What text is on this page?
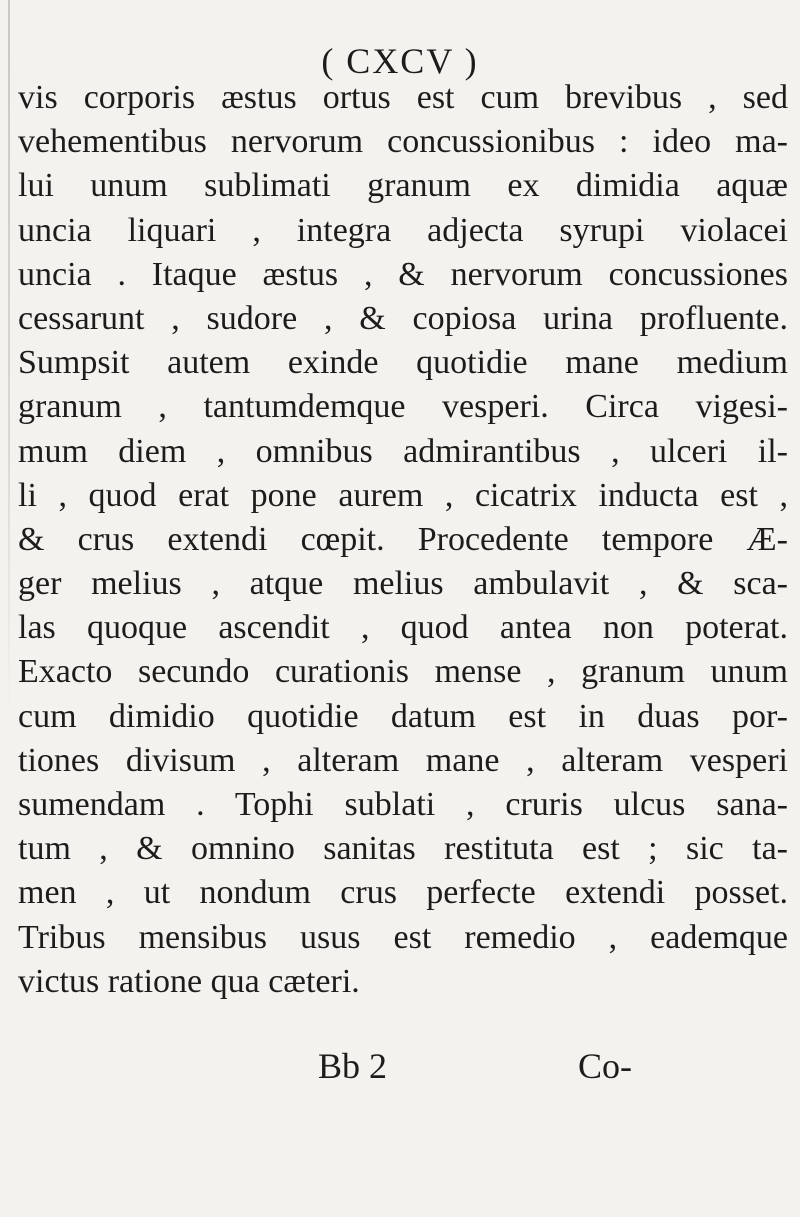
( CXCV )
vis corporis æstus ortus est cum brevibus , sed
vehementibus nervorum concussionibus : ideo ma-
lui unum sublimati granum ex dimidia aquæ
uncia liquari , integra adjecta syrupi violacei
uncia . Itaque æstus , & nervorum concussiones
cessarunt , sudore , & copiosa urina profluente.
Sumpsit autem exinde quotidie mane medium
granum , tantumdemque vesperi. Circa vigesi-
mum diem , omnibus admirantibus , ulceri il-
li , quod erat pone aurem , cicatrix inducta est ,
& crus extendi cœpit. Procedente tempore Æ-
ger melius , atque melius ambulavit , & sca-
las quoque ascendit , quod antea non poterat.
Exacto secundo curationis mense , granum unum
cum dimidio quotidie datum est in duas por-
tiones divisum , alteram mane , alteram vesperi
sumendam . Tophi sublati , cruris ulcus sana-
tum , & omnino sanitas restituta est ; sic ta-
men , ut nondum crus perfecte extendi posset.
Tribus mensibus usus est remedio , eademque
victus ratione qua cæteri.
Bb 2	Co-
